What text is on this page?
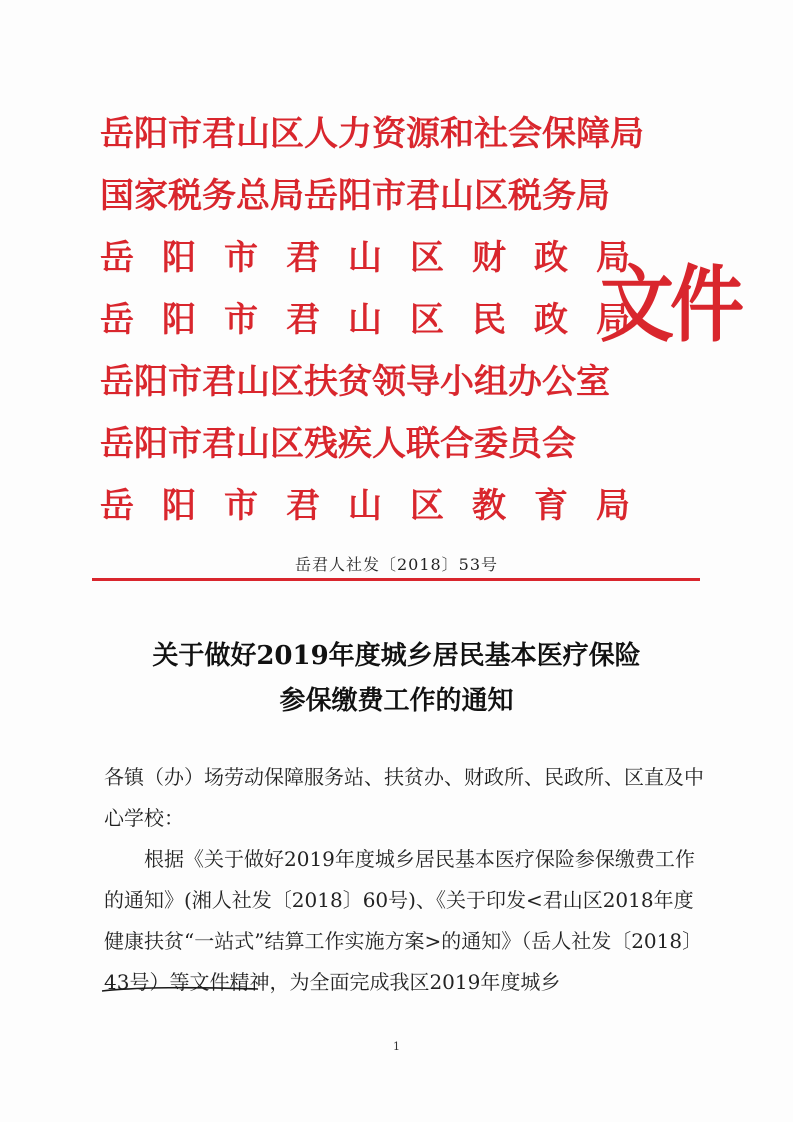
岳阳市君山区人力资源和社会保障局
国家税务总局岳阳市君山区税务局
岳阳市君山区财政局
岳阳市君山区民政局
岳阳市君山区扶贫领导小组办公室
岳阳市君山区残疾人联合委员会
岳阳市君山区教育局
文件
岳君人社发〔2018〕53号
关于做好2019年度城乡居民基本医疗保险
参保缴费工作的通知
各镇（办）场劳动保障服务站、扶贫办、财政所、民政所、区直及中心学校：
根据《关于做好2019年度城乡居民基本医疗保险参保缴费工作的通知》(湘人社发〔2018〕60号)、《关于印发<君山区2018年度健康扶贫“一站式”结算工作实施方案>的通知》（岳人社发〔2018〕43号）等文件精神，为全面完成我区2019年度城乡
1
